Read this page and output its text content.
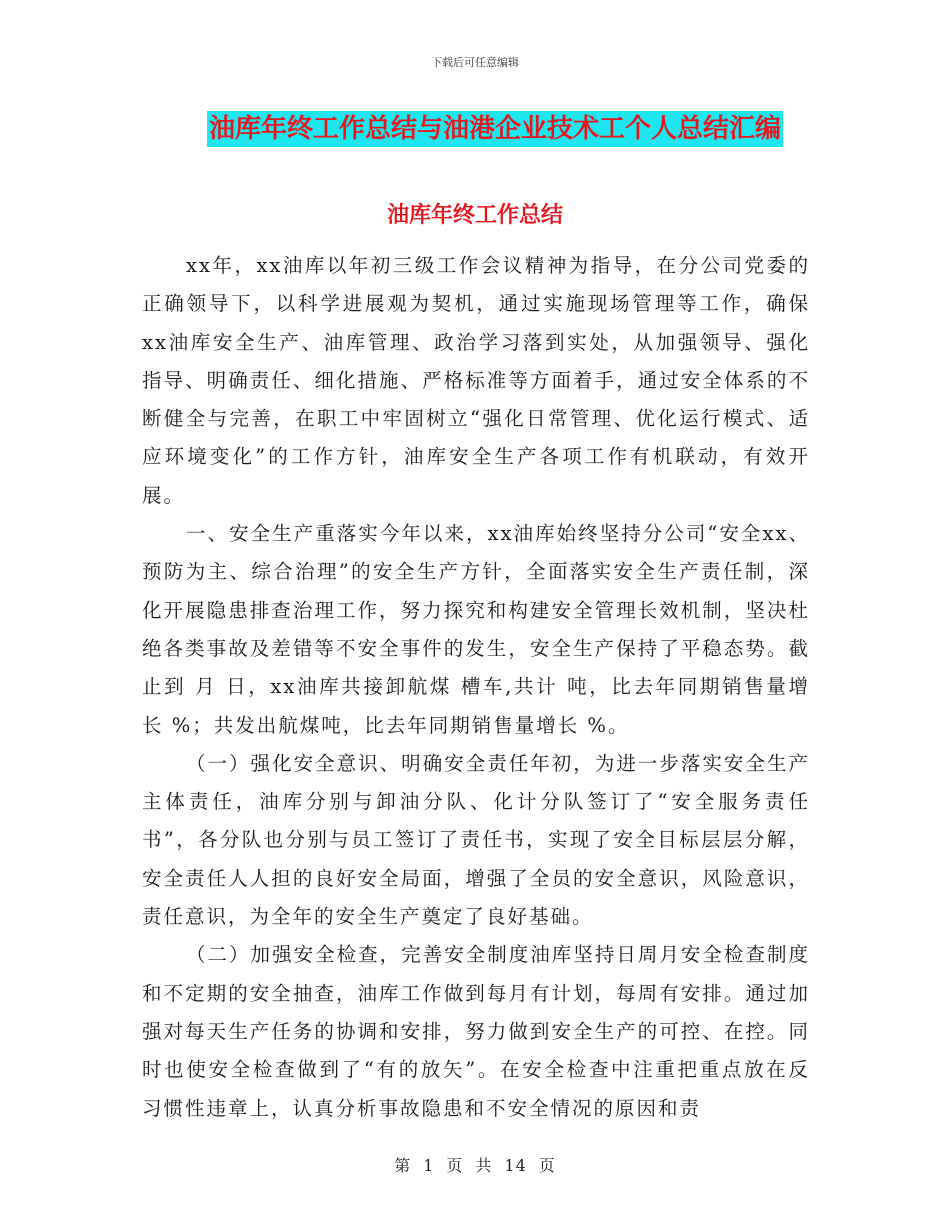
下载后可任意编辑
油库年终工作总结与油港企业技术工个人总结汇编
油库年终工作总结

xx年，xx油库以年初三级工作会议精神为指导，在分公司党委的正确领导下，以科学进展观为契机，通过实施现场管理等工作，确保xx油库安全生产、油库管理、政治学习落到实处，从加强领导、强化指导、明确责任、细化措施、严格标准等方面着手，通过安全体系的不断健全与完善，在职工中牢固树立“强化日常管理、优化运行模式、适应环境变化”的工作方针，油库安全生产各项工作有机联动，有效开展。

一、安全生产重落实今年以来，xx油库始终坚持分公司“安全xx、预防为主、综合治理”的安全生产方针，全面落实安全生产责任制，深化开展隐患排查治理工作，努力探究和构建安全管理长效机制，坚决杜绝各类事故及差错等不安全事件的发生，安全生产保持了平稳态势。截止到 月 日，xx油库共接卸航煤 槽车,共计 吨，比去年同期销售量增长 %；共发出航煤吨，比去年同期销售量增长 %。

（一）强化安全意识、明确安全责任年初，为进一步落实安全生产主体责任，油库分别与卸油分队、化计分队签订了“安全服务责任书”，各分队也分别与员工签订了责任书，实现了安全目标层层分解，安全责任人人担的良好安全局面，增强了全员的安全意识，风险意识，责任意识，为全年的安全生产奠定了良好基础。

（二）加强安全检查，完善安全制度油库坚持日周月安全检查制度和不定期的安全抽查，油库工作做到每月有计划，每周有安排。通过加强对每天生产任务的协调和安排，努力做到安全生产的可控、在控。同时也使安全检查做到了“有的放矢”。在安全检查中注重把重点放在反习惯性违章上，认真分析事故隐患和不安全情况的原因和责

第 1 页 共 14 页
